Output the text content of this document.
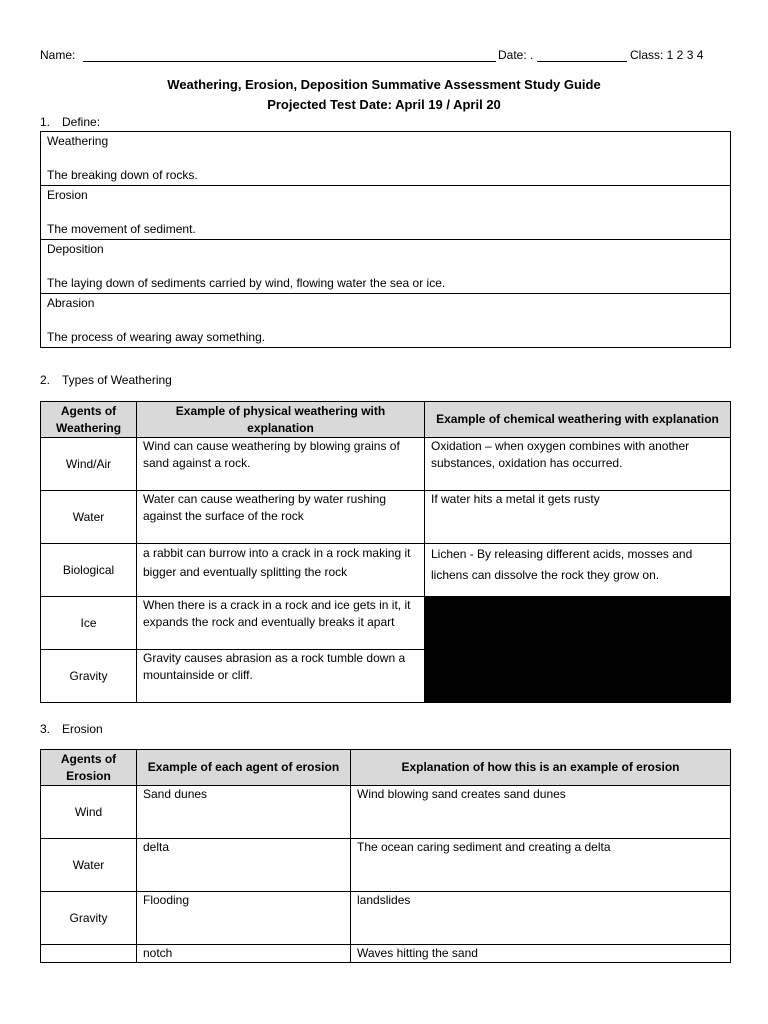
Name:	Date: .	Class: 1 2 3 4
Weathering, Erosion, Deposition Summative Assessment Study Guide
Projected Test Date: April 19 / April 20
1. Define:
Weathering
The breaking down of rocks.

Erosion
The movement of sediment.

Deposition
The laying down of sediments carried by wind, flowing water the sea or ice.

Abrasion
The process of wearing away something.
2. Types of Weathering
Agents of Weathering	Example of physical weathering with explanation	Example of chemical weathering with explanation
Wind/Air	Wind can cause weathering by blowing grains of sand against a rock.	Oxidation – when oxygen combines with another substances, oxidation has occurred.
Water	Water can cause weathering by water rushing against the surface of the rock	If water hits a metal it gets rusty
Biological	a rabbit can burrow into a crack in a rock making it bigger and eventually splitting the rock	Lichen - By releasing different acids, mosses and lichens can dissolve the rock they grow on.
Ice	When there is a crack in a rock and ice gets in it, it expands the rock and eventually breaks it apart	
Gravity	Gravity causes abrasion as a rock tumble down a mountainside or cliff.	
3. Erosion
Agents of Erosion	Example of each agent of erosion	Explanation of how this is an example of erosion
Wind	Sand dunes	Wind blowing sand creates sand dunes
Water	delta	The ocean caring sediment and creating a delta
Gravity	Flooding	landslides
	notch	Waves hitting the sand
